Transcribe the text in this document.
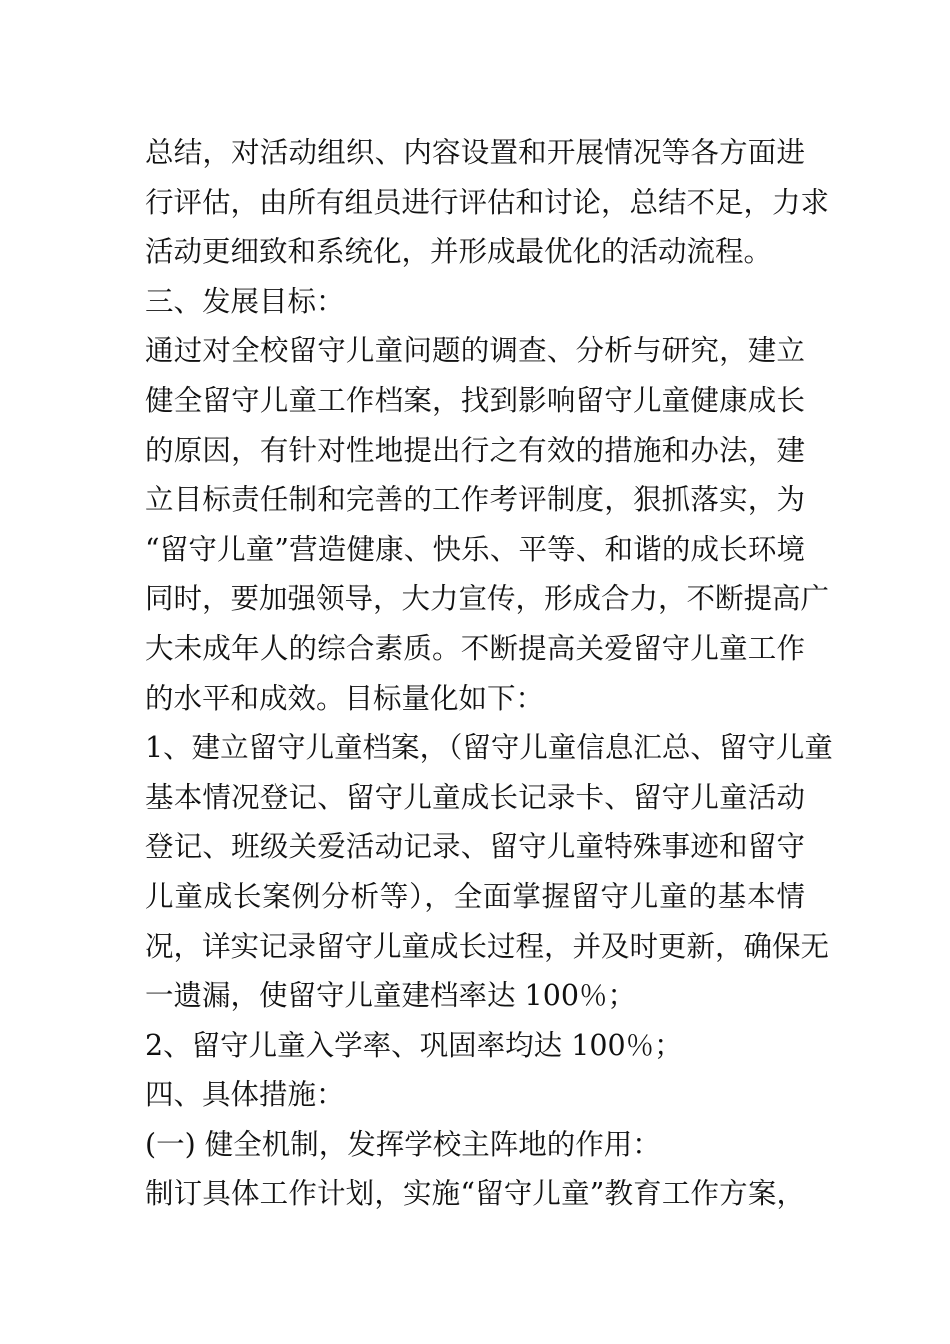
总结，对活动组织、内容设置和开展情况等各方面进
行评估，由所有组员进行评估和讨论，总结不足，力求
活动更细致和系统化，并形成最优化的活动流程。
三、发展目标：
通过对全校留守儿童问题的调查、分析与研究，建立
健全留守儿童工作档案，找到影响留守儿童健康成长
的原因，有针对性地提出行之有效的措施和办法，建
立目标责任制和完善的工作考评制度，狠抓落实，为
“留守儿童”营造健康、快乐、平等、和谐的成长环境
同时，要加强领导，大力宣传，形成合力，不断提高广
大未成年人的综合素质。不断提高关爱留守儿童工作
的水平和成效。目标量化如下：
1、建立留守儿童档案，（留守儿童信息汇总、留守儿童
基本情况登记、留守儿童成长记录卡、留守儿童活动
登记、班级关爱活动记录、留守儿童特殊事迹和留守
儿童成长案例分析等），全面掌握留守儿童的基本情
况，详实记录留守儿童成长过程，并及时更新，确保无
一遗漏，使留守儿童建档率达 100％；
2、留守儿童入学率、巩固率均达 100％；
四、具体措施：
(一) 健全机制，发挥学校主阵地的作用：
制订具体工作计划，实施“留守儿童”教育工作方案，
